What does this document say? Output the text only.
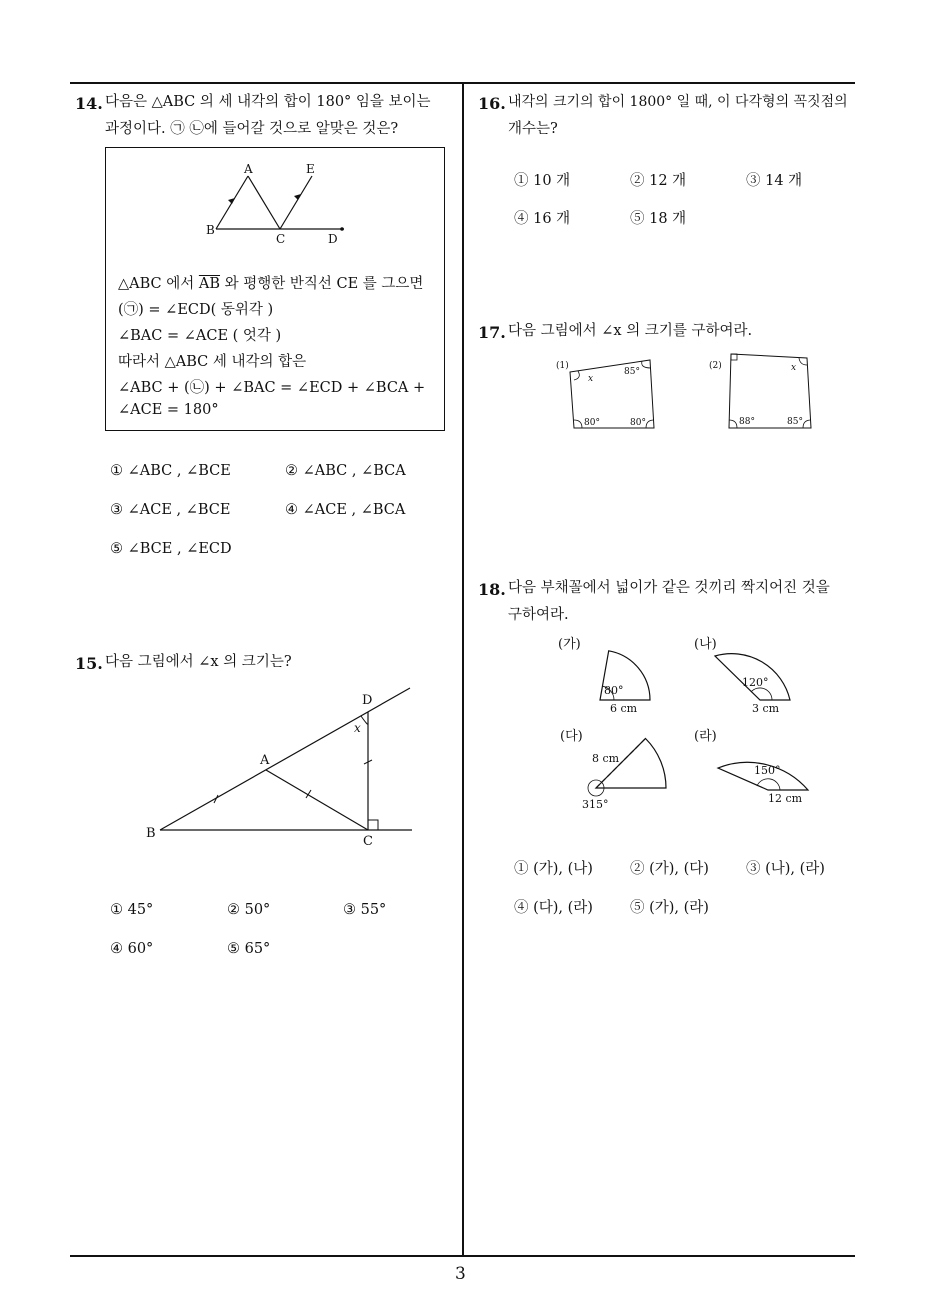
3
14. 다음은 △ABC 의 세 내각의 합이 180° 임을 보이는
과정이다. ㉠ ㉡에 들어갈 것으로 알맞은 것은?
A	E
B
C	D
△ABC 에서 $\overline{AB}$ 와 평행한 반직선 CE 를 그으면
(㉠) = ∠ECD( 동위각 )
∠BAC = ∠ACE ( 엇각 )
따라서 △ABC 세 내각의 합은
∠ABC + (㉡) + ∠BAC = ∠ECD + ∠BCA +
∠ACE = 180°
① ∠ABC , ∠BCE	② ∠ABC , ∠BCA
③ ∠ACE , ∠BCE	④ ∠ACE , ∠BCA
⑤ ∠BCE , ∠ECD
15. 다음 그림에서 ∠x 의 크기는?
B
A
D
C
x
① 45°	② 50°	③ 55°
④ 60°	⑤ 65°
16. 내각의 크기의 합이 1800° 일 때, 이 다각형의 꼭짓점의
개수는?
① 10 개	② 12 개	③ 14 개
④ 16 개	⑤ 18 개
17. 다음 그림에서 ∠x 의 크기를 구하여라.
(1)
x
85°
80°	80°
(2)	x
88°	85°
18. 다음 부채꼴에서 넓이가 같은 것끼리 짝지어진 것을
구하여라.
(가)
80°
6 cm
(나)
120°
3 cm
(다)
8 cm
315°
(라)
150°
12 cm
① (가), (나)	② (가), (다)	③ (나), (라)
④ (다), (라)	⑤ (가), (라)
